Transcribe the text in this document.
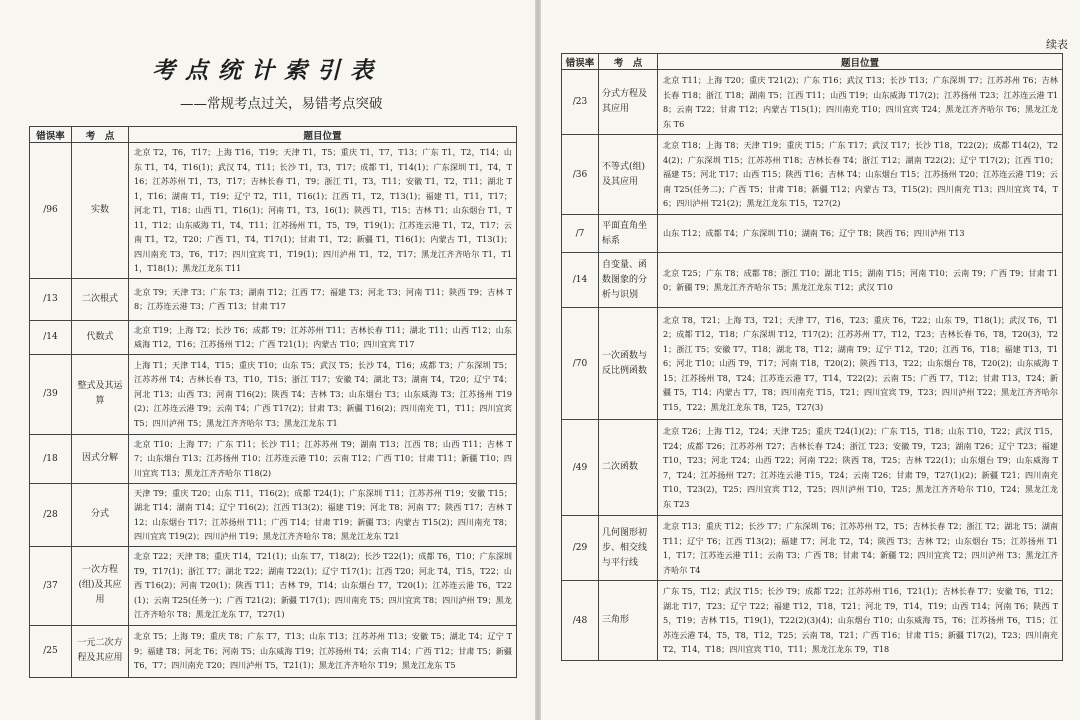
考点统计索引表
——常规考点过关，易错考点突破
错误率	考　点	题目位置
/96	实数	北京 T2，T6，T17；上海 T16，T19；天津 T1，T5；重庆 T1，T7，T13；广东 T1，T2，T14；山东 T1，T4，T16(1)；武汉 T4，T11；长沙 T1，T3，T17；成都 T1，T14(1)；广东深圳 T1，T4，T16；江苏苏州 T1，T3，T17；吉林长春 T1，T9；浙江 T1，T3，T11；安徽 T1，T2，T11；湖北 T1，T16；湖南 T1，T19；辽宁 T2，T11，T16(1)；江西 T1，T2，T13(1)；福建 T1，T11，T17；河北 T1，T18；山西 T1，T16(1)；河南 T1，T3，16(1)；陕西 T1，T15；吉林 T1；山东烟台 T1，T11，T12；山东威海 T1，T4，T11；江苏扬州 T1，T5，T9，T19(1)；江苏连云港 T1，T2，T17；云南 T1，T2，T20；广西 T1，T4，T17(1)；甘肃 T1，T2；新疆 T1，T16(1)；内蒙古 T1，T13(1)；四川南充 T3，T6，T17；四川宜宾 T1，T19(1)；四川泸州 T1，T2，T17；黑龙江齐齐哈尔 T1，T11，T18(1)；黑龙江龙东 T11
/13	二次根式	北京 T9；天津 T3；广东 T3；湖南 T12；江西 T7；福建 T3；河北 T3；河南 T11；陕西 T9；吉林 T8；江苏连云港 T3；广西 T13；甘肃 T17
/14	代数式	北京 T19；上海 T2；长沙 T6；成都 T9；江苏苏州 T11；吉林长春 T11；湖北 T11；山西 T12；山东威海 T12，T16；江苏扬州 T12；广西 T21(1)；内蒙古 T10；四川宜宾 T17
/39	整式及其运算	上海 T1；天津 T14，T15；重庆 T10；山东 T5；武汉 T5；长沙 T4，T16；成都 T3；广东深圳 T5；江苏苏州 T4；吉林长春 T3，T10，T15；浙江 T17；安徽 T4；湖北 T3；湖南 T4，T20；辽宁 T4；河北 T13；山西 T3；河南 T16(2)；陕西 T4；吉林 T3；山东烟台 T3；山东威海 T3；江苏扬州 T19(2)；江苏连云港 T9；云南 T4；广西 T17(2)；甘肃 T3；新疆 T16(2)；四川南充 T1，T11；四川宜宾 T5；四川泸州 T5；黑龙江齐齐哈尔 T3；黑龙江龙东 T1
/18	因式分解	北京 T10；上海 T7；广东 T11；长沙 T11；江苏苏州 T9；湖南 T13；江西 T8；山西 T11；吉林 T7；山东烟台 T13；江苏扬州 T10；江苏连云港 T10；云南 T12；广西 T10；甘肃 T11；新疆 T10；四川宜宾 T13；黑龙江齐齐哈尔 T18(2)
/28	分式	天津 T9；重庆 T20；山东 T11，T16(2)；成都 T24(1)；广东深圳 T11；江苏苏州 T19；安徽 T15；湖北 T14；湖南 T14；辽宁 T16(2)；江西 T13(2)；福建 T19；河北 T8；河南 T7；陕西 T17；吉林 T12；山东烟台 T17；江苏扬州 T11；广西 T14；甘肃 T19；新疆 T3；内蒙古 T15(2)；四川南充 T8；四川宜宾 T19(2)；四川泸州 T19；黑龙江齐齐哈尔 T8；黑龙江龙东 T21
/37	一次方程(组)及其应用	北京 T22；天津 T8；重庆 T14，T21(1)；山东 T7，T18(2)；长沙 T22(1)；成都 T6，T10；广东深圳 T9，T17(1)；浙江 T7；湖北 T22；湖南 T22(1)；辽宁 T17(1)；江西 T20；河北 T4，T15，T22；山西 T16(2)；河南 T20(1)；陕西 T11；吉林 T9，T14；山东烟台 T7，T20(1)；江苏连云港 T6，T22(1)；云南 T25(任务一)；广西 T21(2)；新疆 T17(1)；四川南充 T5；四川宜宾 T8；四川泸州 T9；黑龙江齐齐哈尔 T8；黑龙江龙东 T7，T27(1)
/25	一元二次方程及其应用	北京 T5；上海 T9；重庆 T8；广东 T7，T13；山东 T13；江苏苏州 T13；安徽 T5；湖北 T4；辽宁 T9；福建 T8；河北 T6；河南 T5；山东威海 T19；江苏扬州 T4；云南 T14；广西 T12；甘肃 T5；新疆 T6，T7；四川南充 T20；四川泸州 T5，T21(1)；黑龙江齐齐哈尔 T19；黑龙江龙东 T5
续表
错误率	考　点	题目位置
/23	分式方程及其应用	北京 T11；上海 T20；重庆 T21(2)；广东 T16；武汉 T13；长沙 T13；广东深圳 T7；江苏苏州 T6；吉林长春 T18；浙江 T18；湖南 T5；江西 T11；山西 T19；山东威海 T17(2)；江苏扬州 T23；江苏连云港 T18；云南 T22；甘肃 T12；内蒙古 T15(1)；四川南充 T10；四川宜宾 T24；黑龙江齐齐哈尔 T6；黑龙江龙东 T6
/36	不等式(组)及其应用	北京 T18；上海 T8；天津 T19；重庆 T15；广东 T17；武汉 T17；长沙 T18，T22(2)；成都 T14(2)，T24(2)；广东深圳 T15；江苏苏州 T18；吉林长春 T4；浙江 T12；湖南 T22(2)；辽宁 T17(2)；江西 T10；福建 T5；河北 T17；山西 T15；陕西 T16；吉林 T4；山东烟台 T15；江苏扬州 T20；江苏连云港 T19；云南 T25(任务二)；广西 T5；甘肃 T18；新疆 T12；内蒙古 T3，T15(2)；四川南充 T13；四川宜宾 T4，T6；四川泸州 T21(2)；黑龙江龙东 T15，T27(2)
/7	平面直角坐标系	山东 T12；成都 T4；广东深圳 T10；湖南 T6；辽宁 T8；陕西 T6；四川泸州 T13
/14	自变量、函数图象的分析与识别	北京 T25；广东 T8；成都 T8；浙江 T10；湖北 T15；湖南 T15；河南 T10；云南 T9；广西 T9；甘肃 T10；新疆 T9；黑龙江齐齐哈尔 T5；黑龙江龙东 T12；武汉 T10
/70	一次函数与反比例函数	北京 T8，T21；上海 T3，T21；天津 T7，T16，T23；重庆 T6，T22；山东 T9，T18(1)；武汉 T6，T12；成都 T12，T18；广东深圳 T12，T17(2)；江苏苏州 T7，T12，T23；吉林长春 T6，T8，T20(3)，T21；浙江 T5；安徽 T7，T18；湖北 T8，T12；湖南 T9；辽宁 T12，T20；江西 T6，T18；福建 T13，T16；河北 T10；山西 T9，T17；河南 T18，T20(2)；陕西 T13，T22；山东烟台 T8，T20(2)；山东威海 T15；江苏扬州 T8，T24；江苏连云港 T7，T14，T22(2)；云南 T5；广西 T7，T12；甘肃 T13，T24；新疆 T5，T14；内蒙古 T7，T8；四川南充 T15，T21；四川宜宾 T9，T23；四川泸州 T22；黑龙江齐齐哈尔 T15，T22；黑龙江龙东 T8，T25，T27(3)
/49	二次函数	北京 T26；上海 T12，T24；天津 T25；重庆 T24(1)(2)；广东 T15，T18；山东 T10，T22；武汉 T15，T24；成都 T26；江苏苏州 T27；吉林长春 T24；浙江 T23；安徽 T9，T23；湖南 T26；辽宁 T23；福建 T10，T23；河北 T24；山西 T22；河南 T22；陕西 T8，T25；吉林 T22(1)；山东烟台 T9；山东威海 T7，T24；江苏扬州 T27；江苏连云港 T15，T24；云南 T26；甘肃 T9，T27(1)(2)；新疆 T21；四川南充 T10，T23(2)，T25；四川宜宾 T12，T25；四川泸州 T10，T25；黑龙江齐齐哈尔 T10，T24；黑龙江龙东 T23
/29	几何图形初步、相交线与平行线	北京 T13；重庆 T12；长沙 T7；广东深圳 T6；江苏苏州 T2，T5；吉林长春 T2；浙江 T2；湖北 T5；湖南 T11；辽宁 T6；江西 T13(2)；福建 T7；河北 T2，T4；陕西 T3；吉林 T2；山东烟台 T5；江苏扬州 T11，T17；江苏连云港 T11；云南 T3；广西 T8；甘肃 T4；新疆 T2；四川宜宾 T2；四川泸州 T3；黑龙江齐齐哈尔 T4
/48	三角形	广东 T5，T12；武汉 T15；长沙 T9；成都 T22；江苏苏州 T16，T21(1)；吉林长春 T7；安徽 T6，T12；湖北 T17，T23；辽宁 T22；福建 T12，T18，T21；河北 T9，T14，T19；山西 T14；河南 T6；陕西 T5，T19；吉林 T15，T19(1)，T22(2)(3)(4)；山东烟台 T10；山东威海 T5，T6；江苏扬州 T6，T15；江苏连云港 T4，T5，T8，T12，T25；云南 T8，T21；广西 T16；甘肃 T15；新疆 T17(2)，T23；四川南充 T2，T14，T18；四川宜宾 T10，T11；黑龙江龙东 T9，T18
